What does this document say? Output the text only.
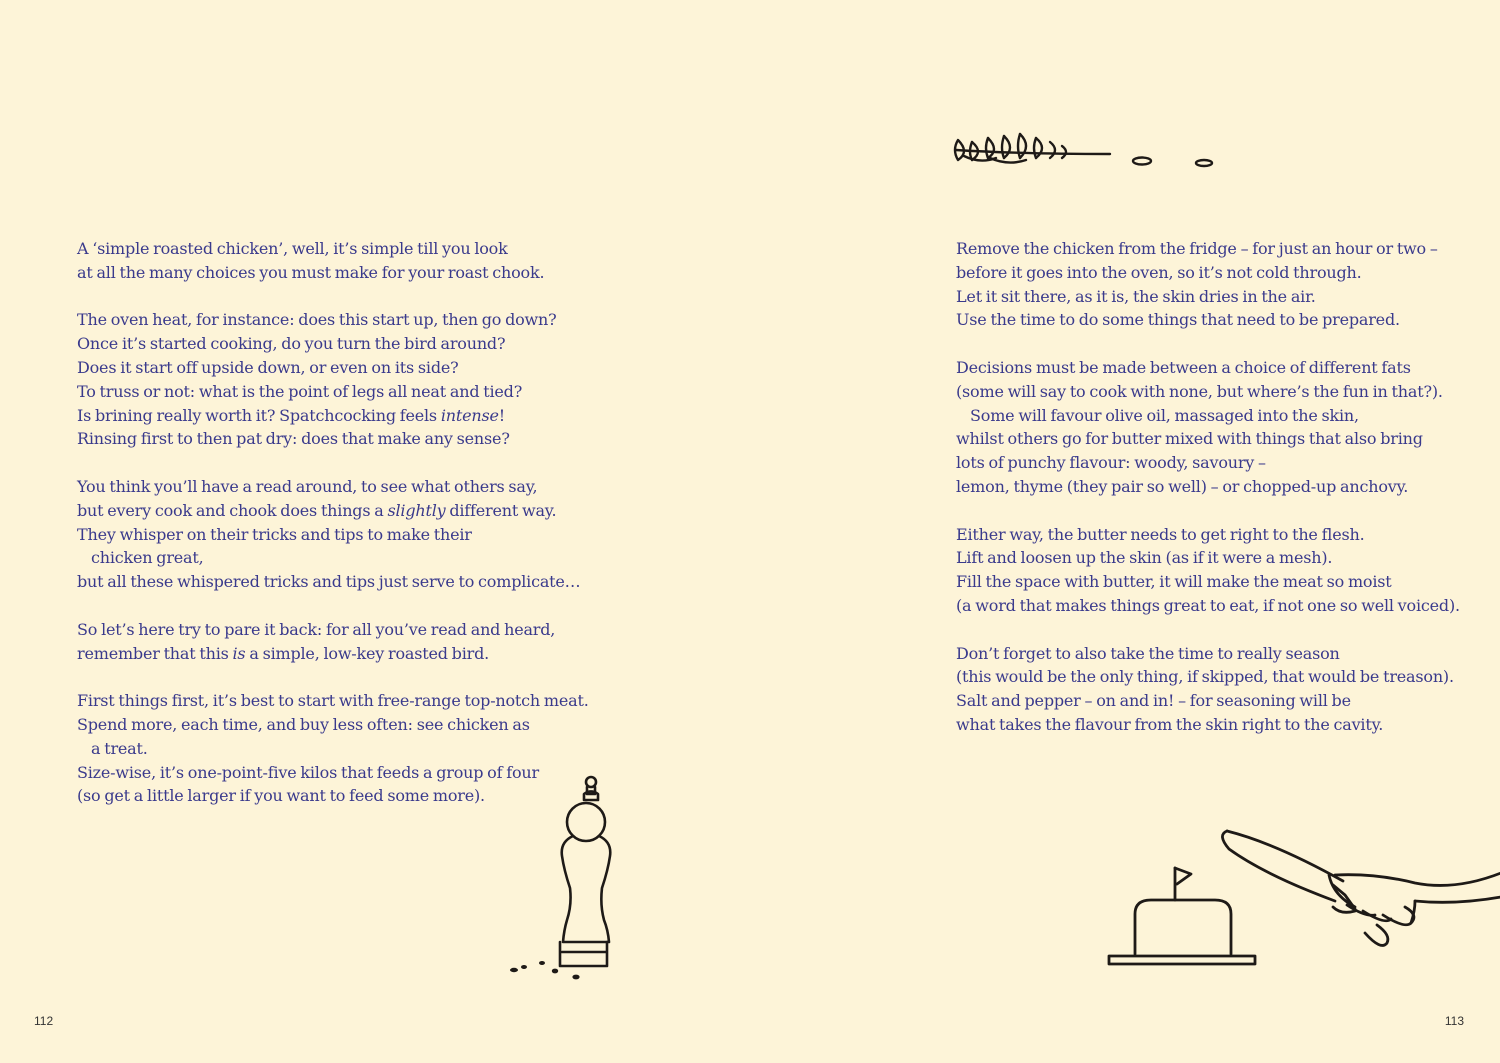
A ‘simple roasted chicken’, well, it’s simple till you look
at all the many choices you must make for your roast chook.
The oven heat, for instance: does this start up, then go down?
Once it’s started cooking, do you turn the bird around?
Does it start off upside down, or even on its side?
To truss or not: what is the point of legs all neat and tied?
Is brining really worth it? Spatchcocking feels intense!
Rinsing first to then pat dry: does that make any sense?
You think you’ll have a read around, to see what others say,
but every cook and chook does things a slightly different way.
They whisper on their tricks and tips to make their
chicken great,
but all these whispered tricks and tips just serve to complicate…
So let’s here try to pare it back: for all you’ve read and heard,
remember that this is a simple, low-key roasted bird.
First things first, it’s best to start with free-range top-notch meat.
Spend more, each time, and buy less often: see chicken as
a treat.
Size-wise, it’s one-point-five kilos that feeds a group of four
(so get a little larger if you want to feed some more).
112
Remove the chicken from the fridge – for just an hour or two –
before it goes into the oven, so it’s not cold through.
Let it sit there, as it is, the skin dries in the air.
Use the time to do some things that need to be prepared.
Decisions must be made between a choice of different fats
(some will say to cook with none, but where’s the fun in that?).
Some will favour olive oil, massaged into the skin,
whilst others go for butter mixed with things that also bring
lots of punchy flavour: woody, savoury –
lemon, thyme (they pair so well) – or chopped-up anchovy.
Either way, the butter needs to get right to the flesh.
Lift and loosen up the skin (as if it were a mesh).
Fill the space with butter, it will make the meat so moist
(a word that makes things great to eat, if not one so well voiced).
Don’t forget to also take the time to really season
(this would be the only thing, if skipped, that would be treason).
Salt and pepper – on and in! – for seasoning will be
what takes the flavour from the skin right to the cavity.
113
